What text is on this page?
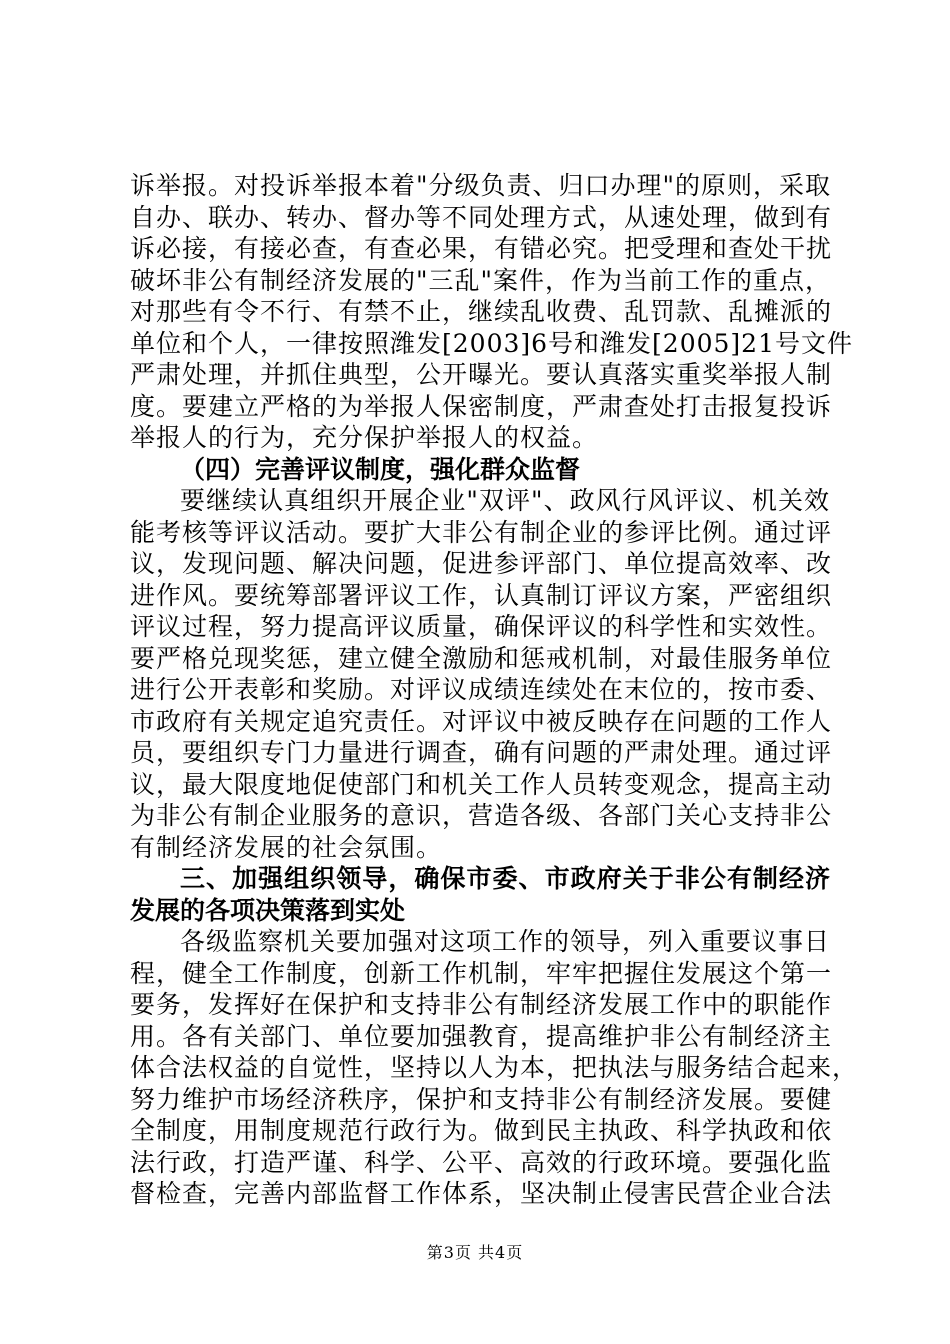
诉举报。对投诉举报本着"分级负责、归口办理"的原则，采取
自办、联办、转办、督办等不同处理方式，从速处理，做到有
诉必接，有接必查，有查必果，有错必究。把受理和查处干扰
破坏非公有制经济发展的"三乱"案件，作为当前工作的重点，
对那些有令不行、有禁不止，继续乱收费、乱罚款、乱摊派的
单位和个人，一律按照潍发[2003]6号和潍发[2005]21号文件
严肃处理，并抓住典型，公开曝光。要认真落实重奖举报人制
度。要建立严格的为举报人保密制度，严肃查处打击报复投诉
举报人的行为，充分保护举报人的权益。
（四）完善评议制度，强化群众监督
要继续认真组织开展企业"双评"、政风行风评议、机关效
能考核等评议活动。要扩大非公有制企业的参评比例。通过评
议，发现问题、解决问题，促进参评部门、单位提高效率、改
进作风。要统筹部署评议工作，认真制订评议方案，严密组织
评议过程，努力提高评议质量，确保评议的科学性和实效性。
要严格兑现奖惩，建立健全激励和惩戒机制，对最佳服务单位
进行公开表彰和奖励。对评议成绩连续处在末位的，按市委、
市政府有关规定追究责任。对评议中被反映存在问题的工作人
员，要组织专门力量进行调查，确有问题的严肃处理。通过评
议，最大限度地促使部门和机关工作人员转变观念，提高主动
为非公有制企业服务的意识，营造各级、各部门关心支持非公
有制经济发展的社会氛围。
三、加强组织领导，确保市委、市政府关于非公有制经济
发展的各项决策落到实处
各级监察机关要加强对这项工作的领导，列入重要议事日
程，健全工作制度，创新工作机制，牢牢把握住发展这个第一
要务，发挥好在保护和支持非公有制经济发展工作中的职能作
用。各有关部门、单位要加强教育，提高维护非公有制经济主
体合法权益的自觉性，坚持以人为本，把执法与服务结合起来，
努力维护市场经济秩序，保护和支持非公有制经济发展。要健
全制度，用制度规范行政行为。做到民主执政、科学执政和依
法行政，打造严谨、科学、公平、高效的行政环境。要强化监
督检查，完善内部监督工作体系，坚决制止侵害民营企业合法
第3页 共4页
